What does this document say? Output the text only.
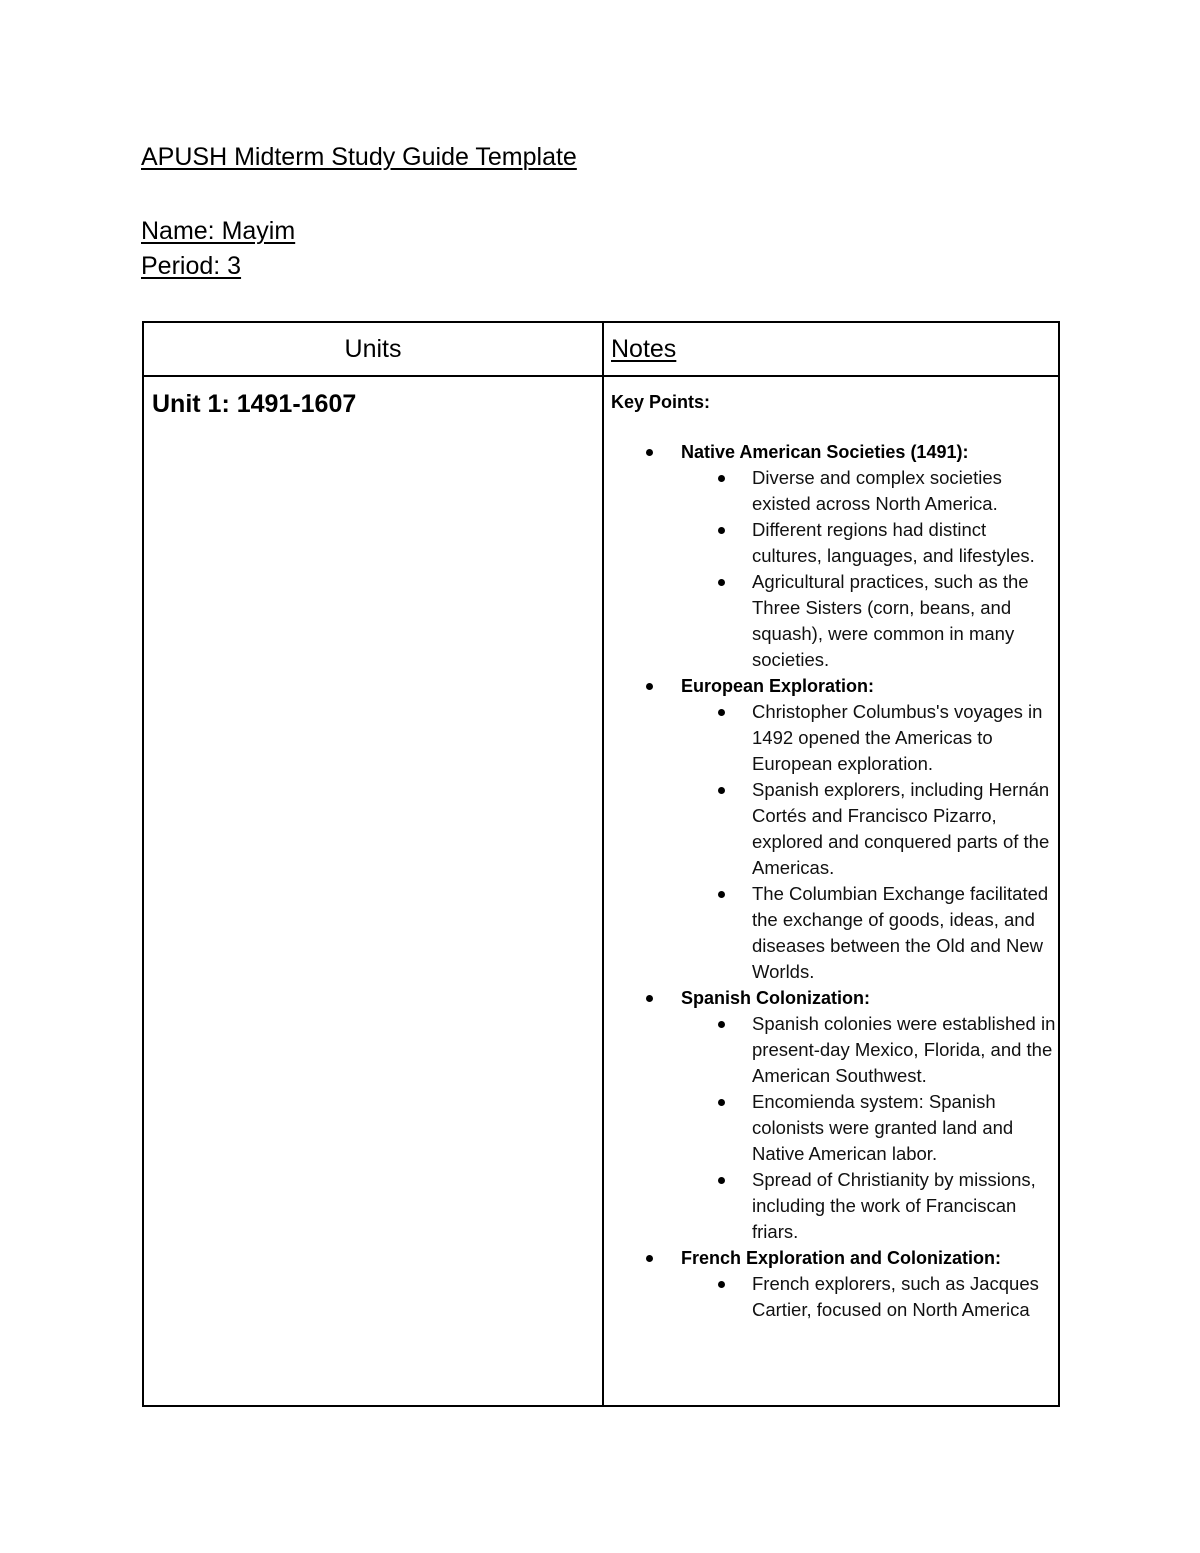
APUSH Midterm Study Guide Template
Name: Mayim
Period: 3
Units	Notes
Unit 1: 1491-1607	Key Points:

Native American Societies (1491):
Diverse and complex societies existed across North America.
Different regions had distinct cultures, languages, and lifestyles.
Agricultural practices, such as the Three Sisters (corn, beans, and squash), were common in many societies.
European Exploration:
Christopher Columbus's voyages in 1492 opened the Americas to European exploration.
Spanish explorers, including Hernán Cortés and Francisco Pizarro, explored and conquered parts of the Americas.
The Columbian Exchange facilitated the exchange of goods, ideas, and diseases between the Old and New Worlds.
Spanish Colonization:
Spanish colonies were established in present-day Mexico, Florida, and the American Southwest.
Encomienda system: Spanish colonists were granted land and Native American labor.
Spread of Christianity by missions, including the work of Franciscan friars.
French Exploration and Colonization:
French explorers, such as Jacques Cartier, focused on North America
